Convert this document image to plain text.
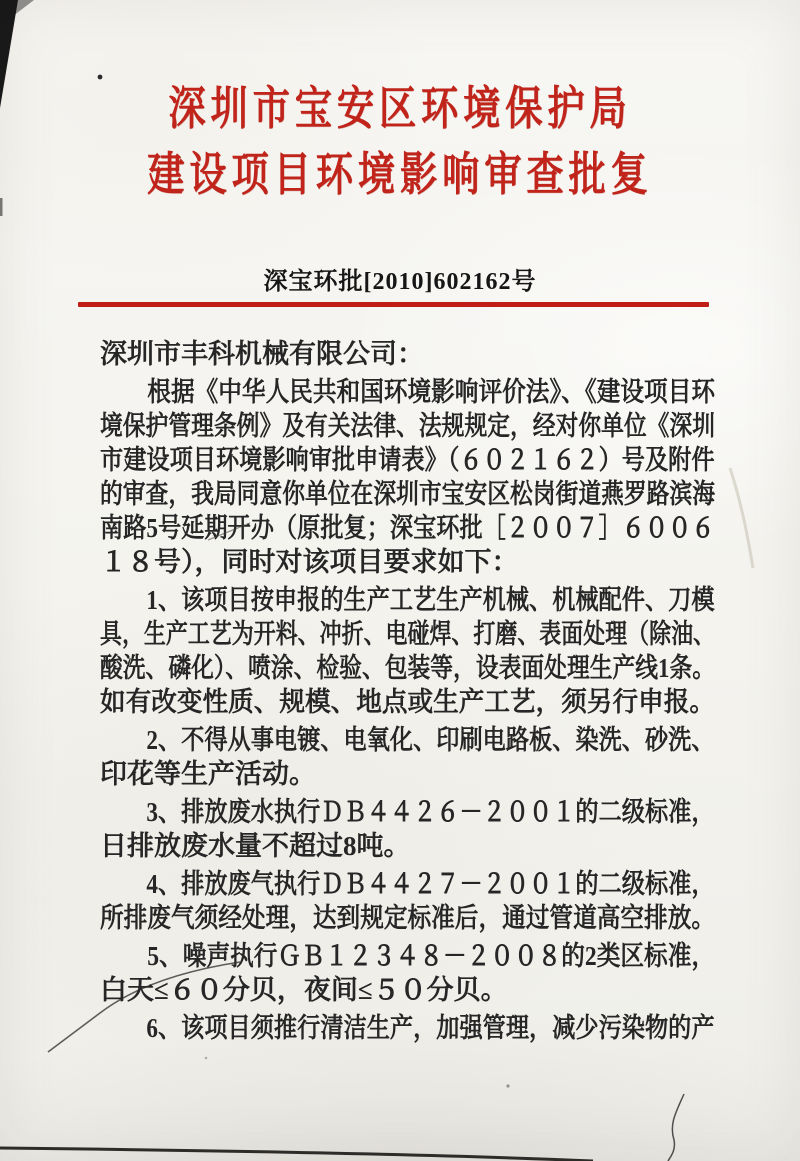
深圳市宝安区环境保护局
建设项目环境影响审查批复
深宝环批[2010]602162号
深圳市丰科机械有限公司：
　　根据《中华人民共和国环境影响评价法》、《建设项目环
境保护管理条例》及有关法律、法规规定，经对你单位《深圳
市建设项目环境影响审批申请表》（６０２１６２）号及附件
的审查，我局同意你单位在深圳市宝安区松岗街道燕罗路滨海
南路5号延期开办（原批复；深宝环批［２００７］６００６
１８号），同时对该项目要求如下：
　　1、该项目按申报的生产工艺生产机械、机械配件、刀模
具，生产工艺为开料、冲折、电碰焊、打磨、表面处理（除油、
酸洗、磷化）、喷涂、检验、包装等，设表面处理生产线1条。
如有改变性质、规模、地点或生产工艺，须另行申报。
　　2、不得从事电镀、电氧化、印刷电路板、染洗、砂洗、
印花等生产活动。
　　3、排放废水执行ＤＢ４４２６－２００１的二级标准，
日排放废水量不超过8吨。
　　4、排放废气执行ＤＢ４４２７－２００１的二级标准，
所排废气须经处理，达到规定标准后，通过管道高空排放。
　　5、噪声执行ＧＢ１２３４８－２００８的2类区标准，
白天≤６０分贝，夜间≤５０分贝。
　　6、该项目须推行清洁生产，加强管理，减少污染物的产
